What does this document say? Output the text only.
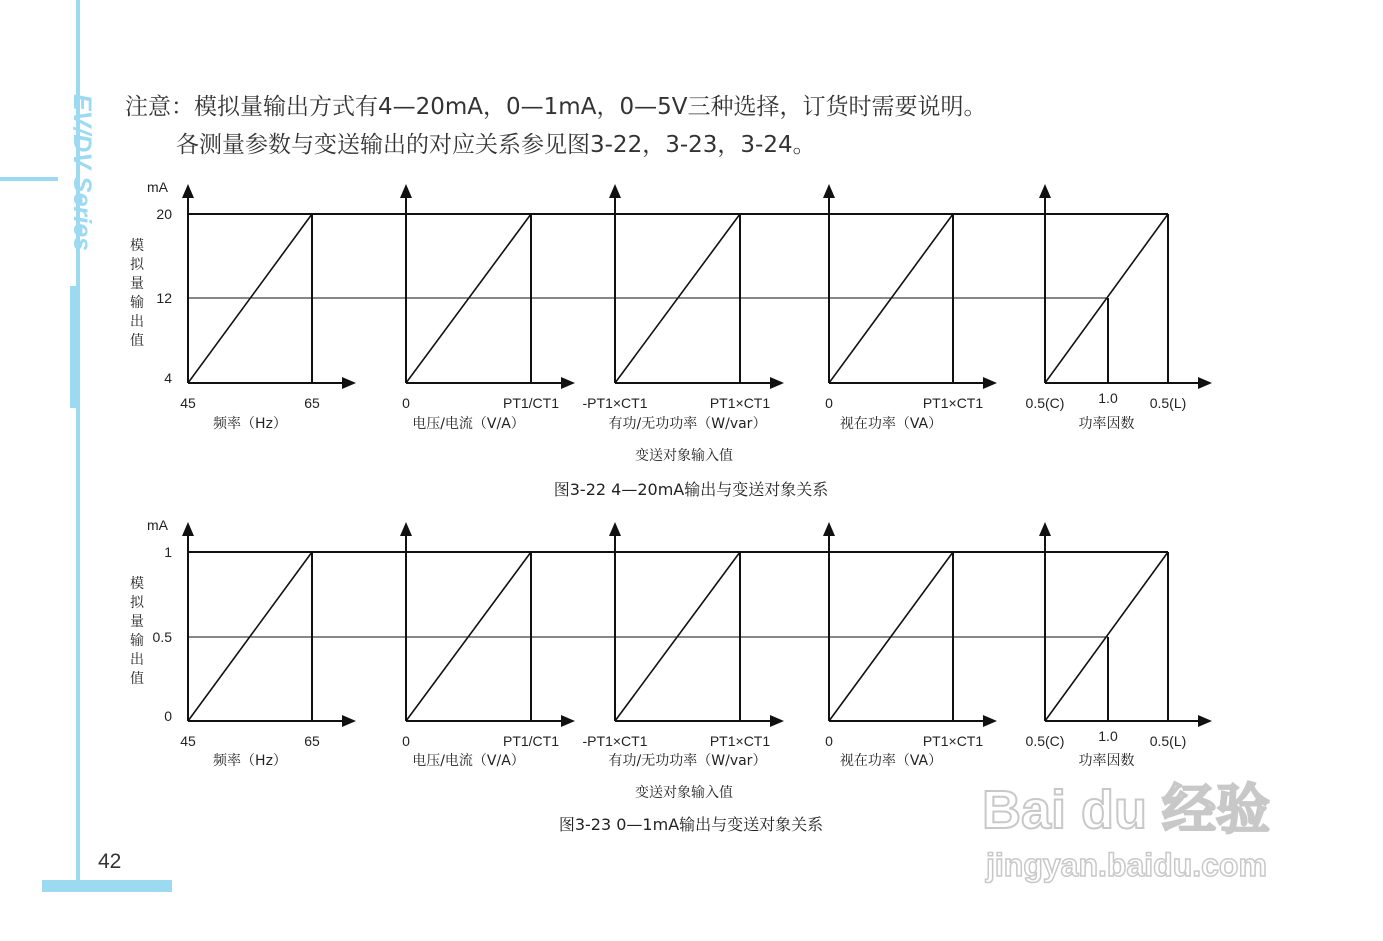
EV/DV Series 注意：模拟量输出方式有4—20mA，0—1mA，0—5V三种选择，订货时需要说明。
各测量参数与变送输出的对应关系参见图3-22，3-23，3-24。
42
mA
20
12
4
模
拟
量
输
出
值
45	65
频率（Hz）
0	PT1/CT1
电压/电流（V/A）
-PT1×CT1	PT1×CT1
有功/无功功率（W/var）
0	PT1×CT1
视在功率（VA）
1.0
0.5(C)	0.5(L)
功率因数
变送对象输入值
图3-22 4—20mA输出与变送对象关系
mA
1
0.5
0
模
拟
量
输
出
值
45	65
频率（Hz）
0	PT1/CT1
电压/电流（V/A）
-PT1×CT1	PT1×CT1
有功/无功功率（W/var）
0	PT1×CT1
视在功率（VA）
1.0
0.5(C)	0.5(L)
功率因数
变送对象输入值
图3-23 0—1mA输出与变送对象关系	Bai du 经验
jingyan.baidu.com
